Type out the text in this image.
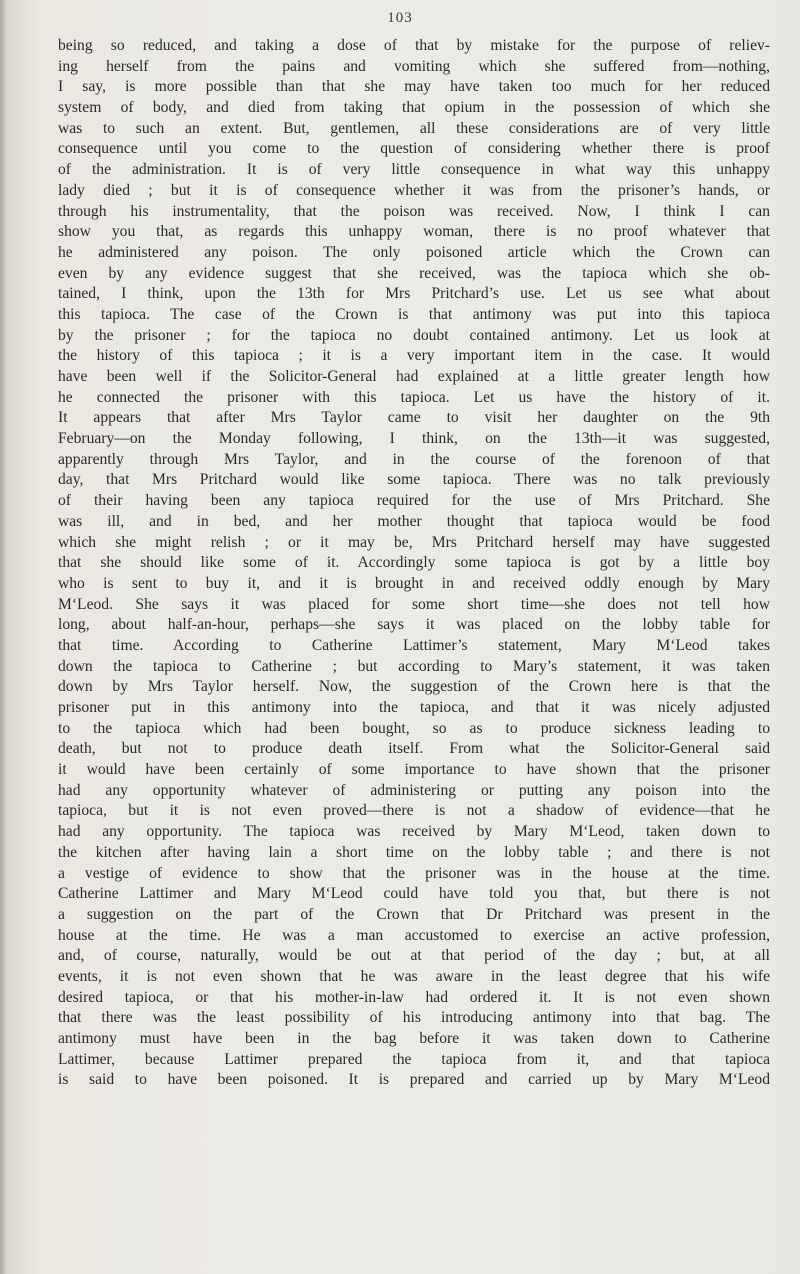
103
being so reduced, and taking a dose of that by mistake for the purpose of reliev-
ing herself from the pains and vomiting which she suffered from—nothing,
I say, is more possible than that she may have taken too much for her reduced
system of body, and died from taking that opium in the possession of which she
was to such an extent. But, gentlemen, all these considerations are of very little
consequence until you come to the question of considering whether there is proof
of the administration. It is of very little consequence in what way this unhappy
lady died ; but it is of consequence whether it was from the prisoner’s hands, or
through his instrumentality, that the poison was received. Now, I think I can
show you that, as regards this unhappy woman, there is no proof whatever that
he administered any poison. The only poisoned article which the Crown can
even by any evidence suggest that she received, was the tapioca which she ob-
tained, I think, upon the 13th for Mrs Pritchard’s use. Let us see what about
this tapioca. The case of the Crown is that antimony was put into this tapioca
by the prisoner ; for the tapioca no doubt contained antimony. Let us look at
the history of this tapioca ; it is a very important item in the case. It would
have been well if the Solicitor-General had explained at a little greater length how
he connected the prisoner with this tapioca. Let us have the history of it.
It appears that after Mrs Taylor came to visit her daughter on the 9th
February—on the Monday following, I think, on the 13th—it was suggested,
apparently through Mrs Taylor, and in the course of the forenoon of that
day, that Mrs Pritchard would like some tapioca. There was no talk previously
of their having been any tapioca required for the use of Mrs Pritchard. She
was ill, and in bed, and her mother thought that tapioca would be food
which she might relish ; or it may be, Mrs Pritchard herself may have suggested
that she should like some of it. Accordingly some tapioca is got by a little boy
who is sent to buy it, and it is brought in and received oddly enough by Mary
M‘Leod. She says it was placed for some short time—she does not tell how
long, about half-an-hour, perhaps—she says it was placed on the lobby table for
that time. According to Catherine Lattimer’s statement, Mary M‘Leod takes
down the tapioca to Catherine ; but according to Mary’s statement, it was taken
down by Mrs Taylor herself. Now, the suggestion of the Crown here is that the
prisoner put in this antimony into the tapioca, and that it was nicely adjusted
to the tapioca which had been bought, so as to produce sickness leading to
death, but not to produce death itself. From what the Solicitor-General said
it would have been certainly of some importance to have shown that the prisoner
had any opportunity whatever of administering or putting any poison into the
tapioca, but it is not even proved—there is not a shadow of evidence—that he
had any opportunity. The tapioca was received by Mary M‘Leod, taken down to
the kitchen after having lain a short time on the lobby table ; and there is not
a vestige of evidence to show that the prisoner was in the house at the time.
Catherine Lattimer and Mary M‘Leod could have told you that, but there is not
a suggestion on the part of the Crown that Dr Pritchard was present in the
house at the time. He was a man accustomed to exercise an active profession,
and, of course, naturally, would be out at that period of the day ; but, at all
events, it is not even shown that he was aware in the least degree that his wife
desired tapioca, or that his mother-in-law had ordered it. It is not even shown
that there was the least possibility of his introducing antimony into that bag. The
antimony must have been in the bag before it was taken down to Catherine
Lattimer, because Lattimer prepared the tapioca from it, and that tapioca
is said to have been poisoned. It is prepared and carried up by Mary M‘Leod
